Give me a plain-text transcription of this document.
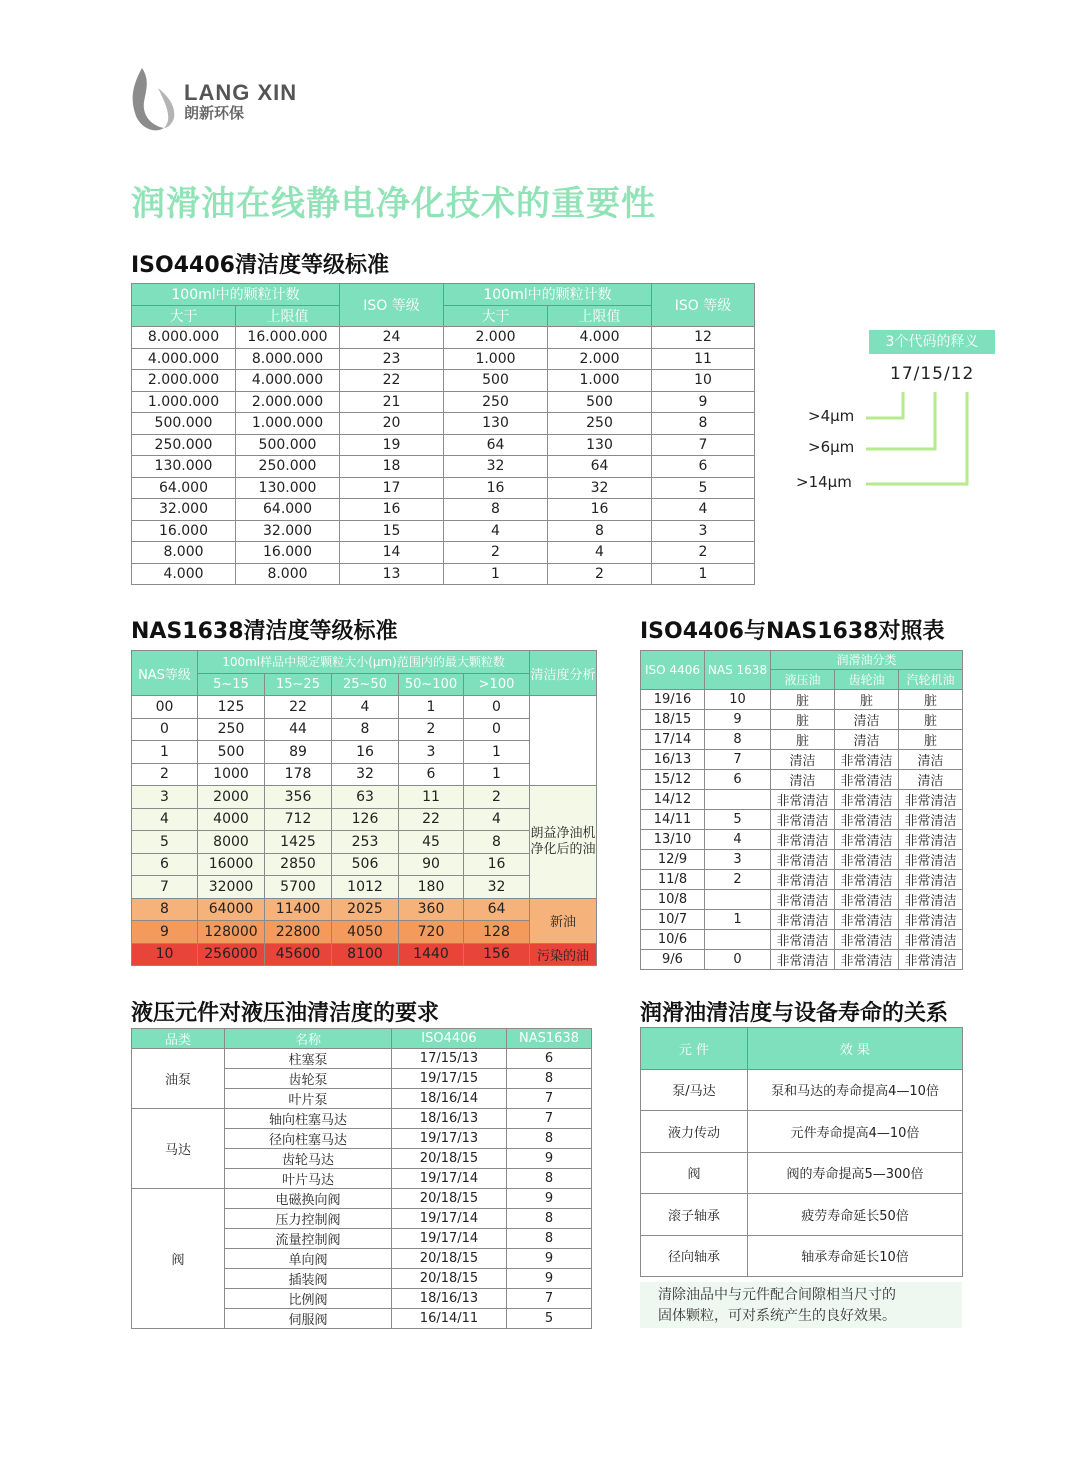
LANG XIN
朗新环保
润滑油在线静电净化技术的重要性
ISO4406清洁度等级标准
100ml中的颗粒计数		ISO 等级	100ml中的颗粒计数		ISO 等级
大于	上限值		大于	上限值	
8.000.000	16.000.000	24	2.000	4.000	12
4.000.000	8.000.000	23	1.000	2.000	11
2.000.000	4.000.000	22	500	1.000	10
1.000.000	2.000.000	21	250	500	9
500.000	1.000.000	20	130	250	8
250.000	500.000	19	64	130	7
130.000	250.000	18	32	64	6
64.000	130.000	17	16	32	5
32.000	64.000	16	8	16	4
16.000	32.000	15	4	8	3
8.000	16.000	14	2	4	2
4.000	8.000	13	1	2	1
3个代码的释义
17/15/12
>4μm
>6μm
>14μm
NAS1638清洁度等级标准
NAS等级	100ml样品中规定颗粒大小(μm)范围内的最大颗粒数					清洁度分析
	5~15	15~25	25~50	50~100	>100	
00	125	22	4	1	0	
0	250	44	8	2	0	
1	500	89	16	3	1	
2	1000	178	32	6	1	
3	2000	356	63	11	2	朗益净油机净化后的油
4	4000	712	126	22	4	
5	8000	1425	253	45	8	
6	16000	2850	506	90	16	
7	32000	5700	1012	180	32	
8	64000	11400	2025	360	64	新油
9	128000	22800	4050	720	128	
10	256000	45600	8100	1440	156	污染的油
ISO4406与NAS1638对照表
ISO 4406	NAS 1638	润滑油分类		
		液压油	齿轮油	汽轮机油
19/16	10	脏	脏	脏
18/15	9	脏	清洁	脏
17/14	8	脏	清洁	脏
16/13	7	清洁	非常清洁	清洁
15/12	6	清洁	非常清洁	清洁
14/12		非常清洁	非常清洁	非常清洁
14/11	5	非常清洁	非常清洁	非常清洁
13/10	4	非常清洁	非常清洁	非常清洁
12/9	3	非常清洁	非常清洁	非常清洁
11/8	2	非常清洁	非常清洁	非常清洁
10/8		非常清洁	非常清洁	非常清洁
10/7	1	非常清洁	非常清洁	非常清洁
10/6		非常清洁	非常清洁	非常清洁
9/6	0	非常清洁	非常清洁	非常清洁
液压元件对液压油清洁度的要求
品类	名称	ISO4406	NAS1638
油泵	柱塞泵	17/15/13	6
	齿轮泵	19/17/15	8
	叶片泵	18/16/14	7
马达	轴向柱塞马达	18/16/13	7
	径向柱塞马达	19/17/13	8
	齿轮马达	20/18/15	9
	叶片马达	19/17/14	8
阀	电磁换向阀	20/18/15	9
	压力控制阀	19/17/14	8
	流量控制阀	19/17/14	8
	单向阀	20/18/15	9
	插装阀	20/18/15	9
	比例阀	18/16/13	7
	伺服阀	16/14/11	5
润滑油清洁度与设备寿命的关系
元 件	效 果
泵/马达	泵和马达的寿命提高4—10倍
液力传动	元件寿命提高4—10倍
阀	阀的寿命提高5—300倍
滚子轴承	疲劳寿命延长50倍
径向轴承	轴承寿命延长10倍
清除油品中与元件配合间隙相当尺寸的
固体颗粒，可对系统产生的良好效果。
